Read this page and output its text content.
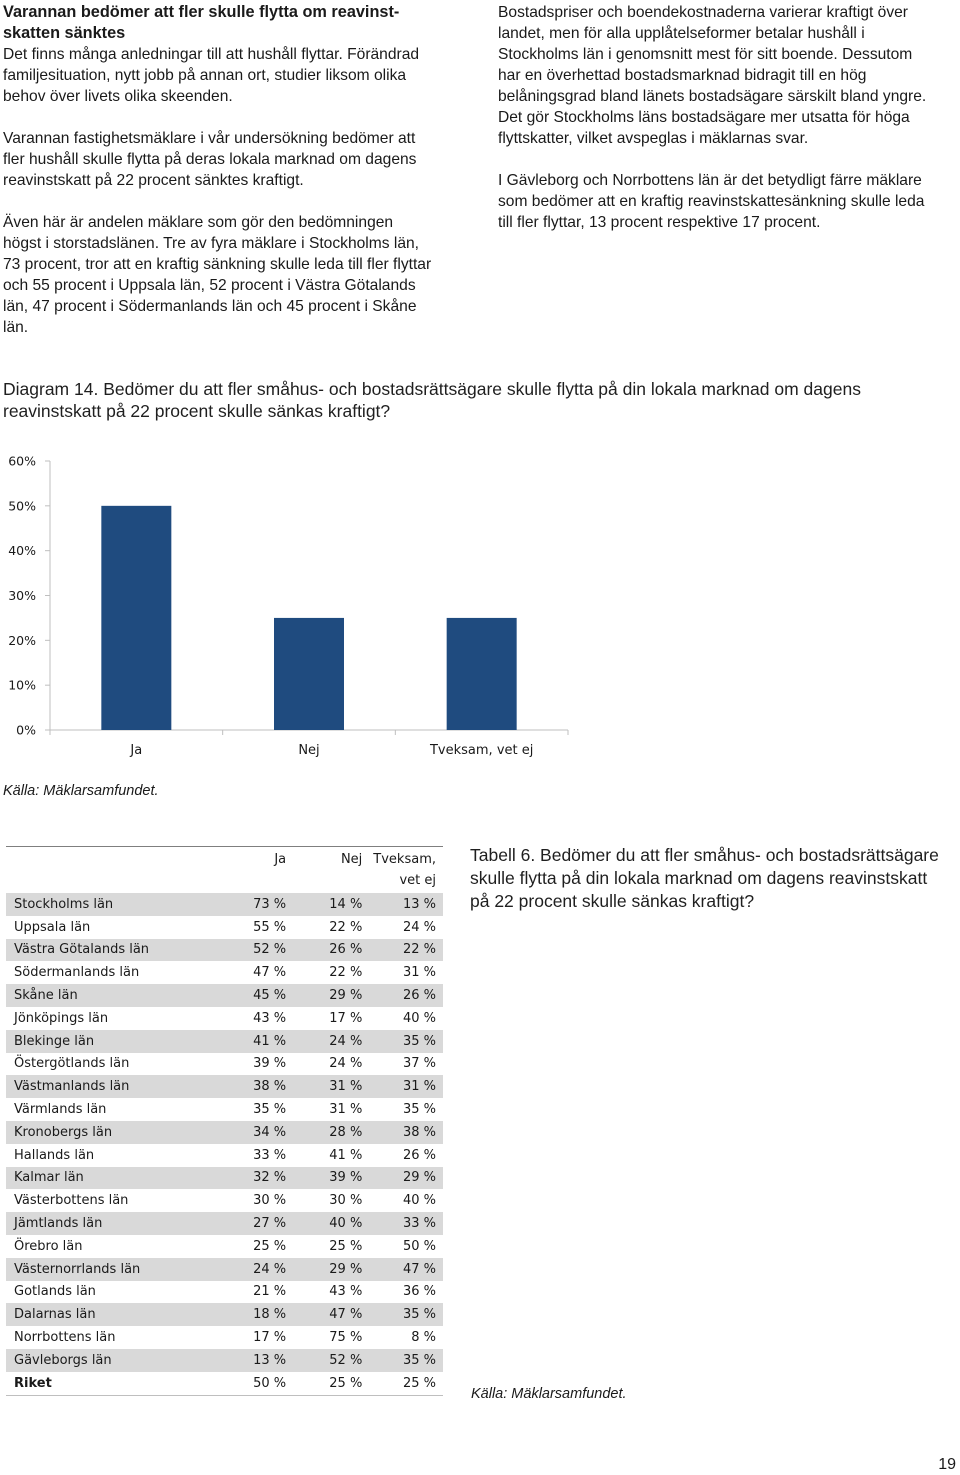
Varannan bedömer att fler skulle flytta om reavinstskatten sänktes

Det finns många anledningar till att hushåll flyttar. Förändrad familjesituation, nytt jobb på annan ort, studier liksom olika behov över livets olika skeenden.

Varannan fastighetsmäklare i vår undersökning bedömer att fler hushåll skulle flytta på deras lokala marknad om dagens reavinstskatt på 22 procent sänktes kraftigt.

Även här är andelen mäklare som gör den bedömningen högst i storstadslänen. Tre av fyra mäklare i Stockholms län, 73 procent, tror att en kraftig sänkning skulle leda till fler flyttar och 55 procent i Uppsala län, 52 procent i Västra Götalands län, 47 procent i Södermanlands län och 45 procent i Skåne län.

Bostadspriser och boendekostnaderna varierar kraftigt över landet, men för alla upplåtelseformer betalar hushåll i Stockholms län i genomsnitt mest för sitt boende. Dessutom har en överhettad bostadsmarknad bidragit till en hög belåningsgrad bland länets bostadsägare särskilt bland yngre. Det gör Stockholms läns bostadsägare mer utsatta för höga flyttskatter, vilket avspeglas i mäklarnas svar.

I Gävleborg och Norrbottens län är det betydligt färre mäklare som bedömer att en kraftig reavinstskattesänkning skulle leda till fler flyttar, 13 procent respektive 17 procent.

Diagram 14. Bedömer du att fler småhus- och bostadsrättsägare skulle flytta på din lokala marknad om dagens reavinstskatt på 22 procent skulle sänkas kraftigt?
0%
10%
20%
30%
40%
50%
60%
Ja	Nej	Tveksam, vet ej
Källa: Mäklarsamfundet.
	Ja	Nej	Tveksam, vet ej
Stockholms län	73 %	14 %	13 %
Uppsala län	55 %	22 %	24 %
Västra Götalands län	52 %	26 %	22 %
Södermanlands län	47 %	22 %	31 %
Skåne län	45 %	29 %	26 %
Jönköpings län	43 %	17 %	40 %
Blekinge län	41 %	24 %	35 %
Östergötlands län	39 %	24 %	37 %
Västmanlands län	38 %	31 %	31 %
Värmlands län	35 %	31 %	35 %
Kronobergs län	34 %	28 %	38 %
Hallands län	33 %	41 %	26 %
Kalmar län	32 %	39 %	29 %
Västerbottens län	30 %	30 %	40 %
Jämtlands län	27 %	40 %	33 %
Örebro län	25 %	25 %	50 %
Västernorrlands län	24 %	29 %	47 %
Gotlands län	21 %	43 %	36 %
Dalarnas län	18 %	47 %	35 %
Norrbottens län	17 %	75 %	8 %
Gävleborgs län	13 %	52 %	35 %
Riket	50 %	25 %	25 %
Tabell 6. Bedömer du att fler småhus- och bostadsrättsägare skulle flytta på din lokala marknad om dagens reavinstskatt på 22 procent skulle sänkas kraftigt?
Källa: Mäklarsamfundet.
19
